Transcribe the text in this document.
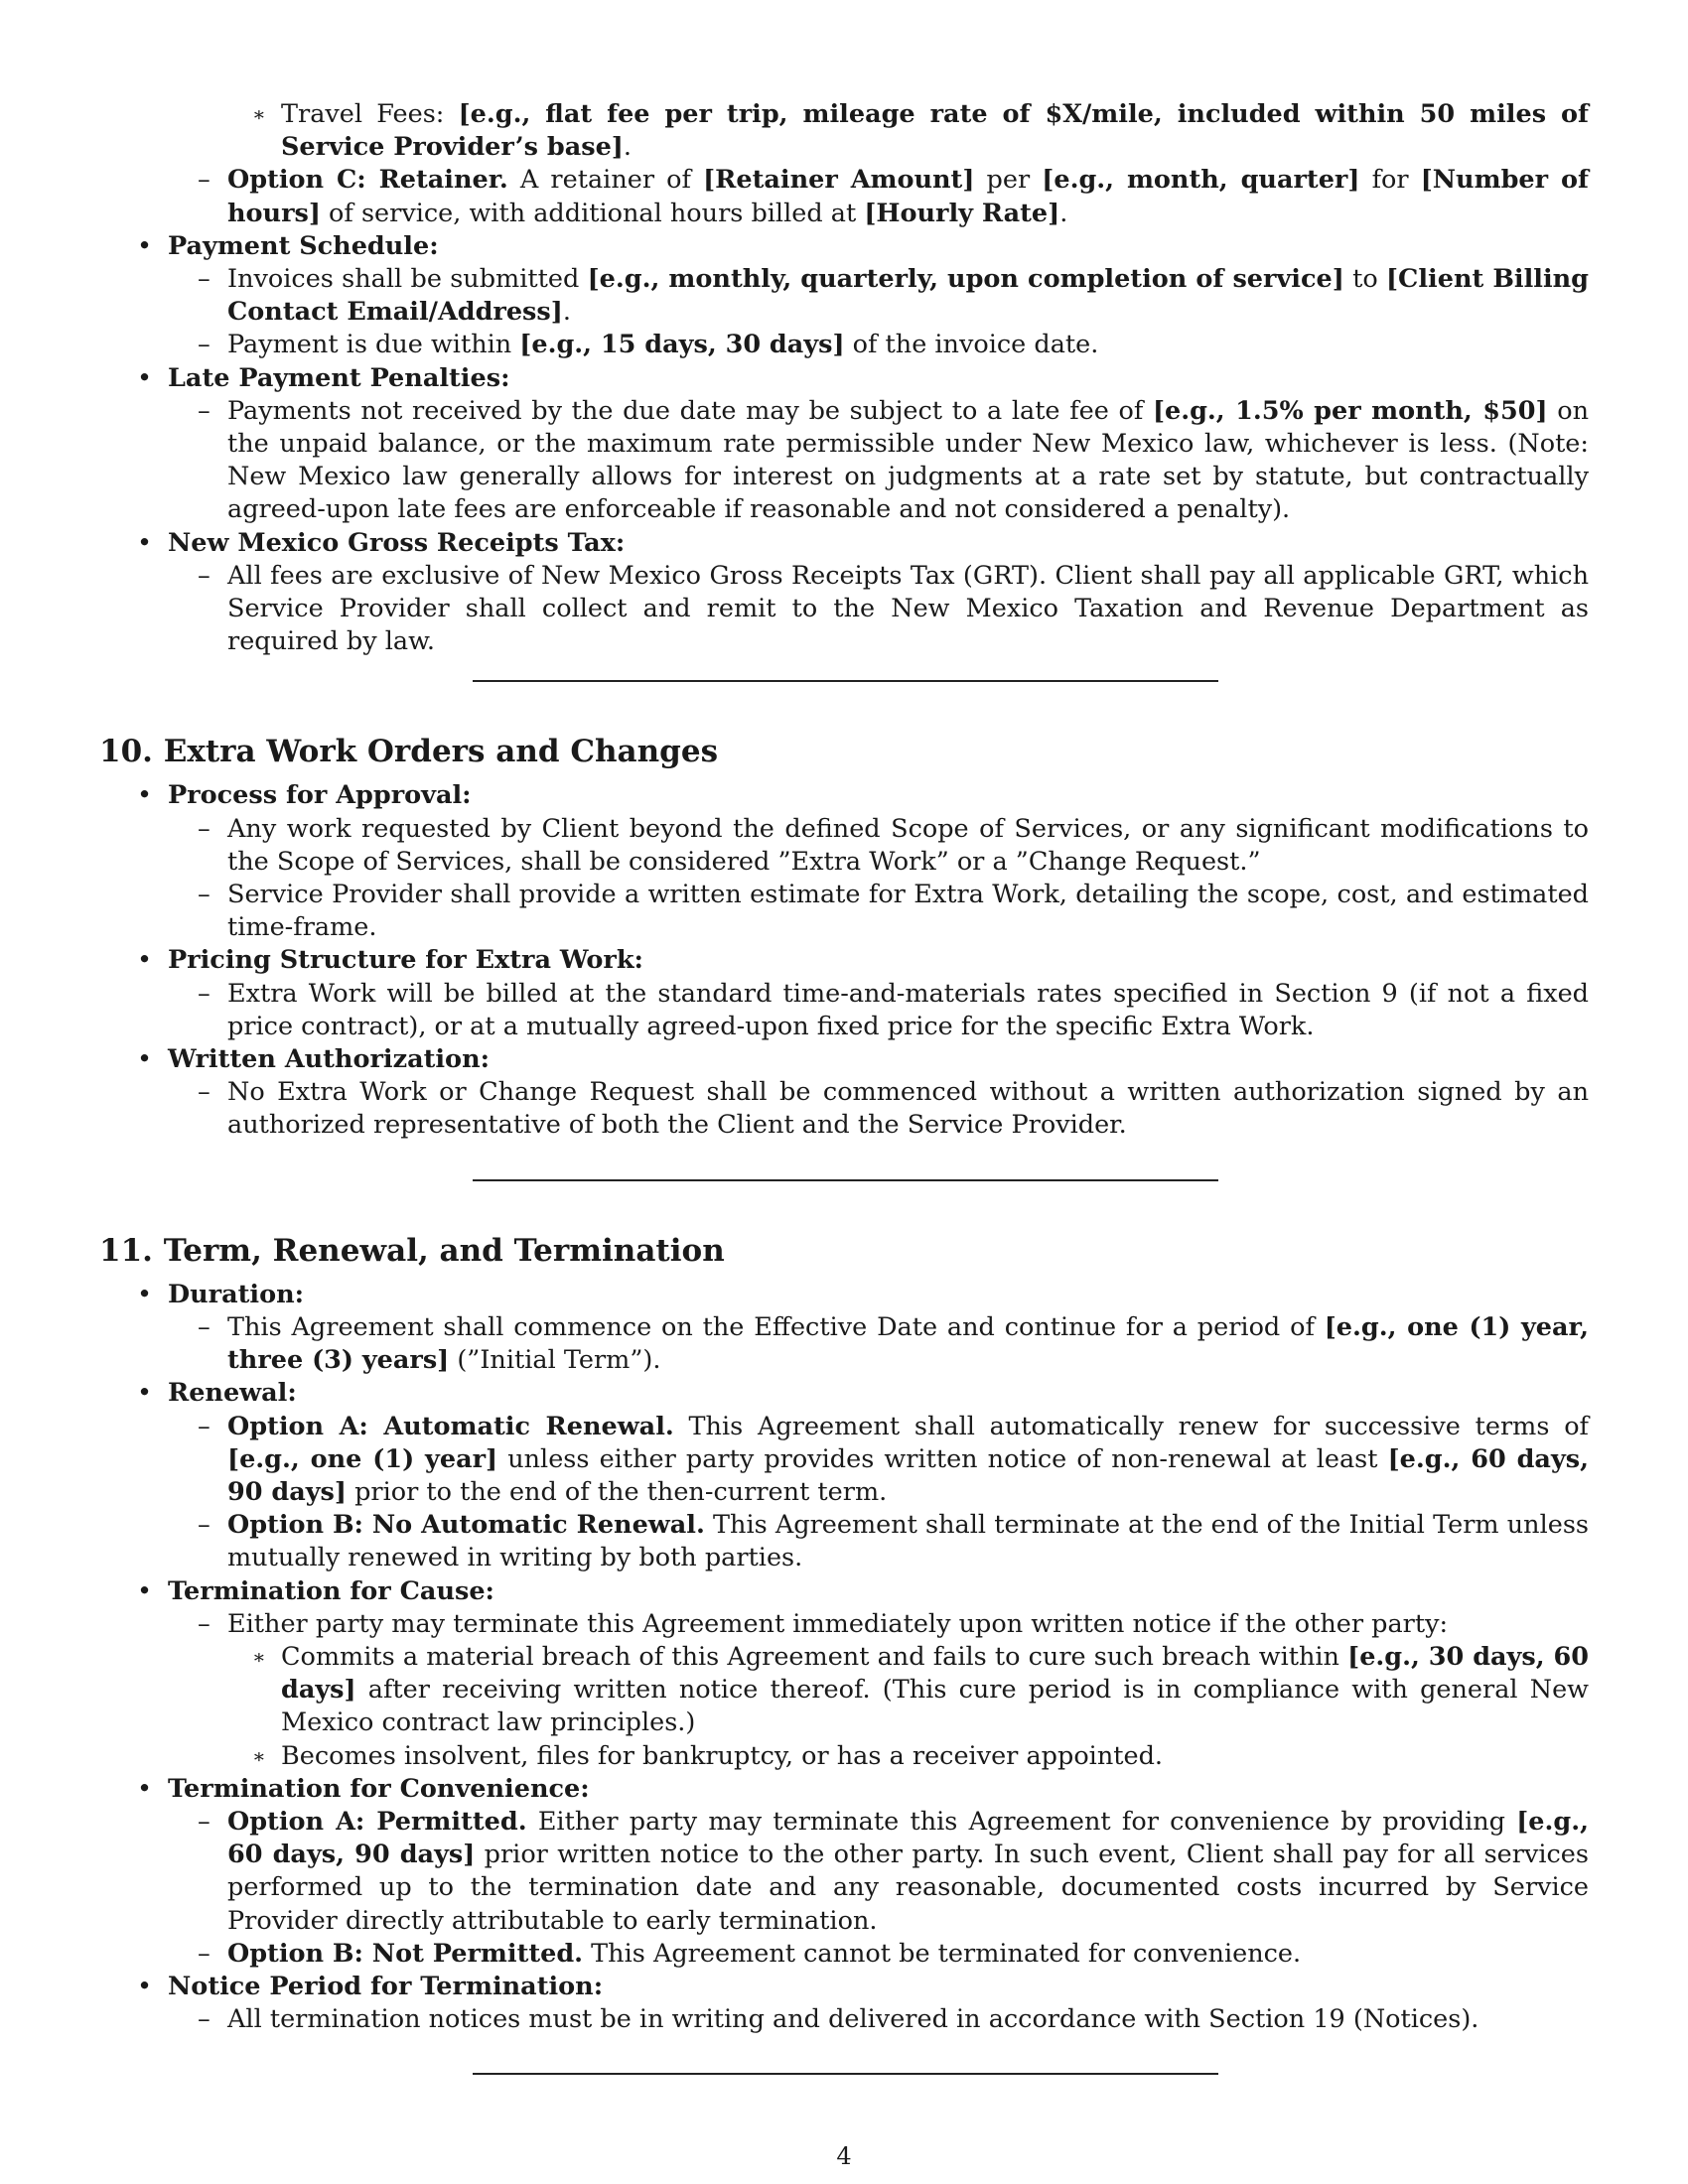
∗ Travel Fees: [e.g., flat fee per trip, mileage rate of $X/mile, included within 50 miles of Service Provider’s base].

– Option C: Retainer. A retainer of [Retainer Amount] per [e.g., month, quarter] for [Number of hours] of service, with additional hours billed at [Hourly Rate].

• Payment Schedule:

– Invoices shall be submitted [e.g., monthly, quarterly, upon completion of service] to [Client Billing Contact Email/Address].

– Payment is due within [e.g., 15 days, 30 days] of the invoice date.

• Late Payment Penalties:

– Payments not received by the due date may be subject to a late fee of [e.g., 1.5% per month, $50] on the unpaid balance, or the maximum rate permissible under New Mexico law, whichever is less. (Note: New Mexico law generally allows for interest on judgments at a rate set by statute, but contractually agreed-upon late fees are enforceable if reasonable and not considered a penalty).

• New Mexico Gross Receipts Tax:

– All fees are exclusive of New Mexico Gross Receipts Tax (GRT). Client shall pay all applicable GRT, which Service Provider shall collect and remit to the New Mexico Taxation and Revenue Department as required by law.

10. Extra Work Orders and Changes

• Process for Approval:

– Any work requested by Client beyond the defined Scope of Services, or any significant modifications to the Scope of Services, shall be considered ”Extra Work” or a ”Change Request.”

– Service Provider shall provide a written estimate for Extra Work, detailing the scope, cost, and estimated time-frame.

• Pricing Structure for Extra Work:

– Extra Work will be billed at the standard time-and-materials rates specified in Section 9 (if not a fixed price contract), or at a mutually agreed-upon fixed price for the specific Extra Work.

• Written Authorization:

– No Extra Work or Change Request shall be commenced without a written authorization signed by an authorized representative of both the Client and the Service Provider.

11. Term, Renewal, and Termination

• Duration:

– This Agreement shall commence on the Effective Date and continue for a period of [e.g., one (1) year, three (3) years] (”Initial Term”).

• Renewal:

– Option A: Automatic Renewal. This Agreement shall automatically renew for successive terms of [e.g., one (1) year] unless either party provides written notice of non-renewal at least [e.g., 60 days, 90 days] prior to the end of the then-current term.

– Option B: No Automatic Renewal. This Agreement shall terminate at the end of the Initial Term unless mutually renewed in writing by both parties.

• Termination for Cause:

– Either party may terminate this Agreement immediately upon written notice if the other party:

∗ Commits a material breach of this Agreement and fails to cure such breach within [e.g., 30 days, 60 days] after receiving written notice thereof. (This cure period is in compliance with general New Mexico contract law principles.)

∗ Becomes insolvent, files for bankruptcy, or has a receiver appointed.

• Termination for Convenience:

– Option A: Permitted. Either party may terminate this Agreement for convenience by providing [e.g., 60 days, 90 days] prior written notice to the other party. In such event, Client shall pay for all services performed up to the termination date and any reasonable, documented costs incurred by Service Provider directly attributable to early termination.

– Option B: Not Permitted. This Agreement cannot be terminated for convenience.

• Notice Period for Termination:

– All termination notices must be in writing and delivered in accordance with Section 19 (Notices).

4
